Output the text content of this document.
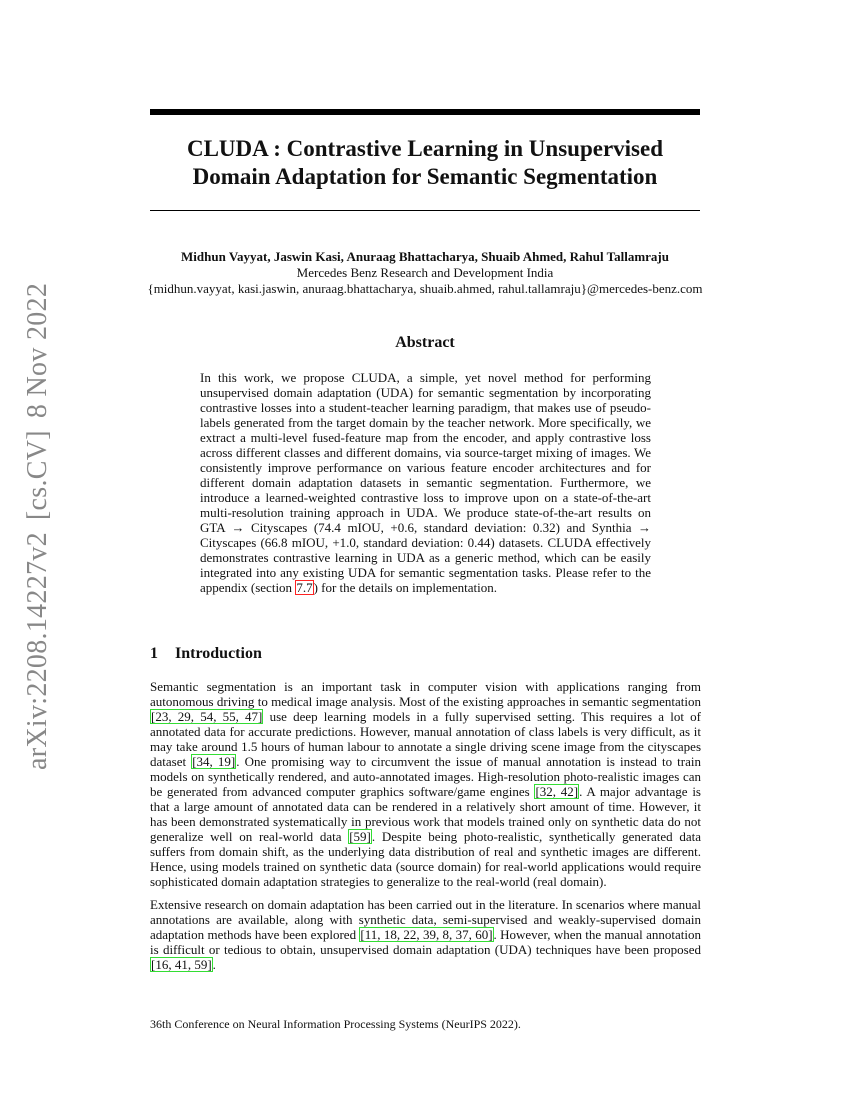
arXiv:2208.14227v2[cs.CV]8 Nov 2022
CLUDA : Contrastive Learning in Unsupervised
Domain Adaptation for Semantic Segmentation
Midhun Vayyat, Jaswin Kasi, Anuraag Bhattacharya, Shuaib Ahmed, Rahul Tallamraju
Mercedes Benz Research and Development India
{midhun.vayyat, kasi.jaswin, anuraag.bhattacharya, shuaib.ahmed, rahul.tallamraju}@mercedes-benz.com
Abstract

In this work, we propose CLUDA, a simple, yet novel method for performing unsupervised domain adaptation (UDA) for semantic segmentation by incorporating contrastive losses into a student-teacher learning paradigm, that makes use of pseudo-labels generated from the target domain by the teacher network. More specifically, we extract a multi-level fused-feature map from the encoder, and apply contrastive loss across different classes and different domains, via source-target mixing of images. We consistently improve performance on various feature encoder architectures and for different domain adaptation datasets in semantic segmentation. Furthermore, we introduce a learned-weighted contrastive loss to improve upon on a state-of-the-art multi-resolution training approach in UDA. We produce state-of-the-art results on GTA → Cityscapes (74.4 mIOU, +0.6, standard deviation: 0.32) and Synthia → Cityscapes (66.8 mIOU, +1.0, standard deviation: 0.44) datasets. CLUDA effectively demonstrates contrastive learning in UDA as a generic method, which can be easily integrated into any existing UDA for semantic segmentation tasks. Please refer to the appendix (section 7.7) for the details on implementation.

1 Introduction

Semantic segmentation is an important task in computer vision with applications ranging from autonomous driving to medical image analysis. Most of the existing approaches in semantic segmentation [23, 29, 54, 55, 47] use deep learning models in a fully supervised setting. This requires a lot of annotated data for accurate predictions. However, manual annotation of class labels is very difficult, as it may take around 1.5 hours of human labour to annotate a single driving scene image from the cityscapes dataset [34, 19]. One promising way to circumvent the issue of manual annotation is instead to train models on synthetically rendered, and auto-annotated images. High-resolution photo-realistic images can be generated from advanced computer graphics software/game engines [32, 42]. A major advantage is that a large amount of annotated data can be rendered in a relatively short amount of time. However, it has been demonstrated systematically in previous work that models trained only on synthetic data do not generalize well on real-world data [59]. Despite being photo-realistic, synthetically generated data suffers from domain shift, as the underlying data distribution of real and synthetic images are different. Hence, using models trained on synthetic data (source domain) for real-world applications would require sophisticated domain adaptation strategies to generalize to the real-world (real domain).

Extensive research on domain adaptation has been carried out in the literature. In scenarios where manual annotations are available, along with synthetic data, semi-supervised and weakly-supervised domain adaptation methods have been explored [11, 18, 22, 39, 8, 37, 60]. However, when the manual annotation is difficult or tedious to obtain, unsupervised domain adaptation (UDA) techniques have been proposed [16, 41, 59].

36th Conference on Neural Information Processing Systems (NeurIPS 2022).
